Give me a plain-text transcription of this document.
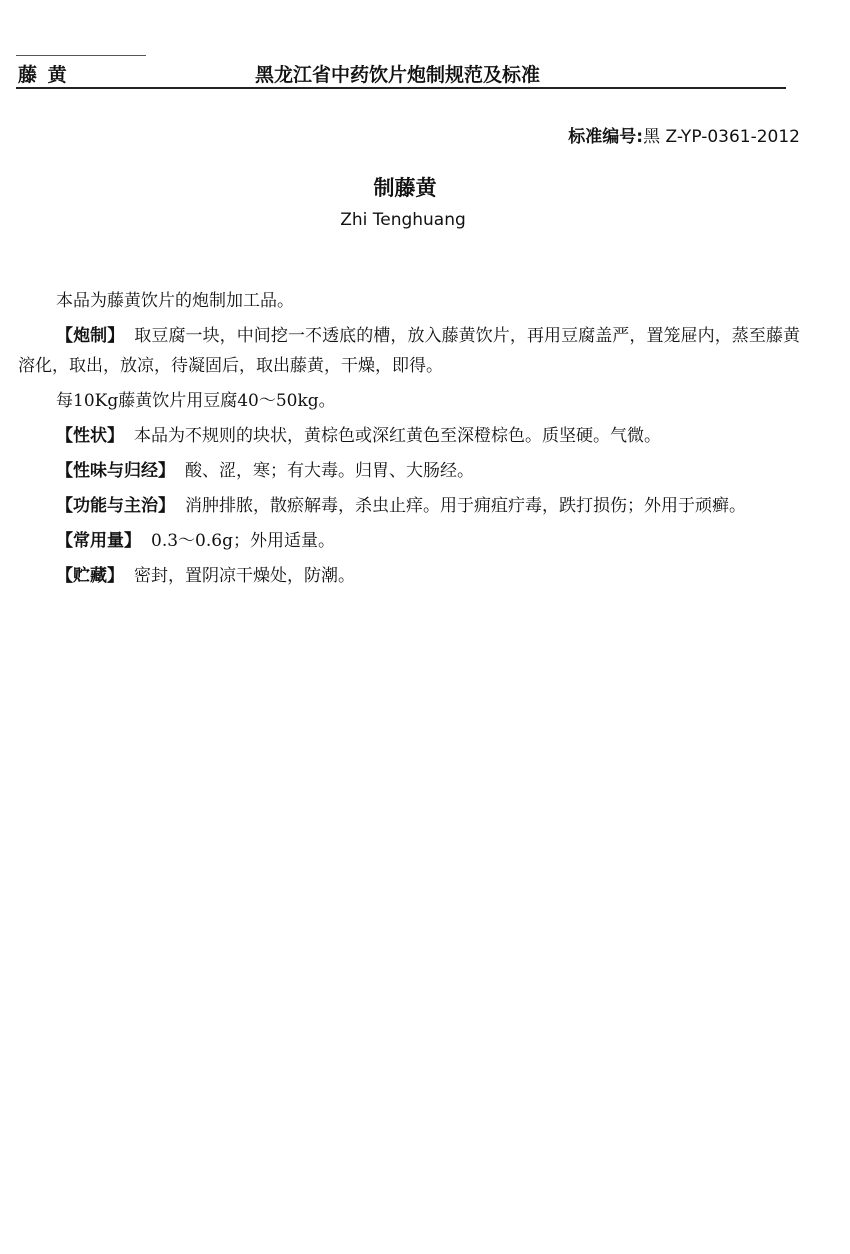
藤 黄	黑龙江省中药饮片炮制规范及标准
标准编号:黑 Z-YP-0361-2012
制藤黄
Zhi Tenghuang

本品为藤黄饮片的炮制加工品。

【炮制】 取豆腐一块，中间挖一不透底的槽，放入藤黄饮片，再用豆腐盖严，置笼屉内，蒸至藤黄溶化，取出，放凉，待凝固后，取出藤黄，干燥，即得。

每10Kg藤黄饮片用豆腐40～50kg。

【性状】 本品为不规则的块状，黄棕色或深红黄色至深橙棕色。质坚硬。气微。

【性味与归经】 酸、涩，寒；有大毒。归胃、大肠经。

【功能与主治】 消肿排脓，散瘀解毒，杀虫止痒。用于痈疽疔毒，跌打损伤；外用于顽癣。

【常用量】 0.3～0.6g；外用适量。

【贮藏】 密封，置阴凉干燥处，防潮。
